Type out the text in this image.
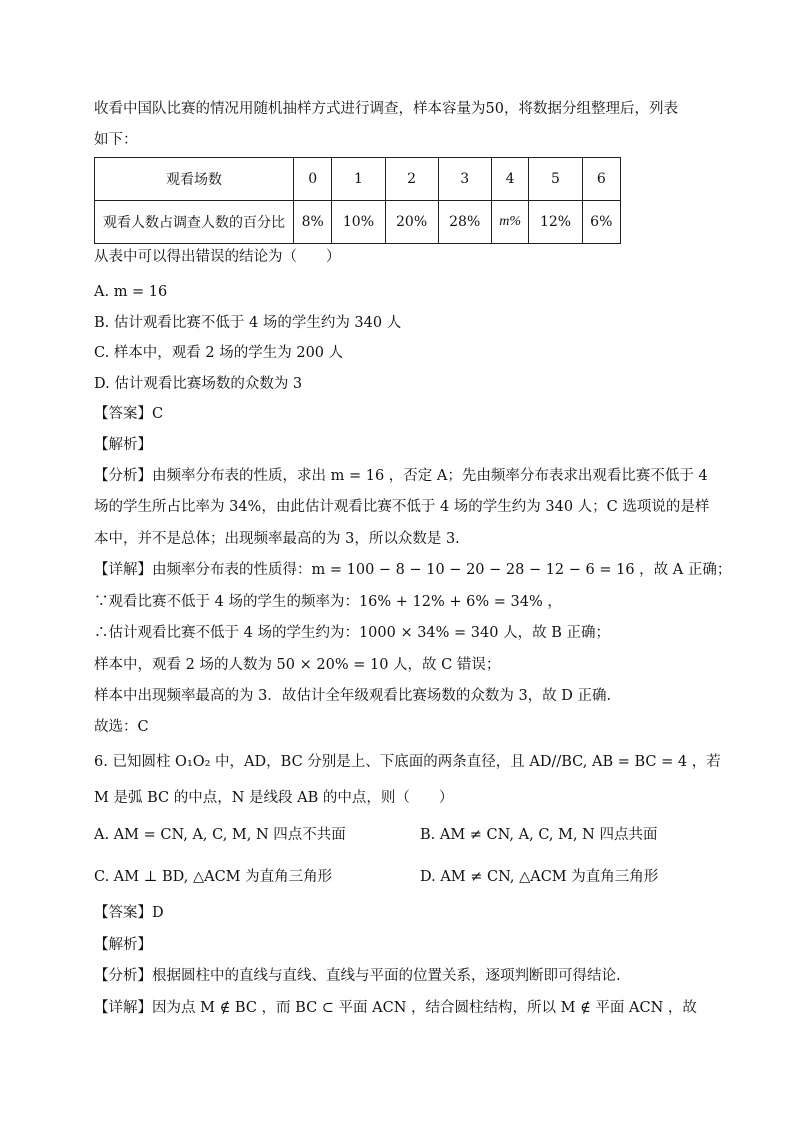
收看中国队比赛的情况用随机抽样方式进行调查，样本容量为50，将数据分组整理后，列表
如下：
观看场数	0	1	2	3	4	5	6
观看人数占调查人数的百分比	8%	10%	20%	28%	m%	12%	6%
从表中可以得出错误的结论为（　　）
A. m = 16
B. 估计观看比赛不低于 4 场的学生约为 340 人
C. 样本中，观看 2 场的学生为 200 人
D. 估计观看比赛场数的众数为 3
【答案】C
【解析】
【分析】由频率分布表的性质，求出 m = 16 ，否定 A；先由频率分布表求出观看比赛不低于 4
场的学生所占比率为 34%，由此估计观看比赛不低于 4 场的学生约为 340 人；C 选项说的是样
本中，并不是总体；出现频率最高的为 3，所以众数是 3.
【详解】由频率分布表的性质得：m = 100 − 8 − 10 − 20 − 28 − 12 − 6 = 16 ，故 A 正确；
∵观看比赛不低于 4 场的学生的频率为：16% + 12% + 6% = 34% ，
∴估计观看比赛不低于 4 场的学生约为：1000 × 34% = 340 人，故 B 正确；
样本中，观看 2 场的人数为 50 × 20% = 10 人，故 C 错误；
样本中出现频率最高的为 3．故估计全年级观看比赛场数的众数为 3，故 D 正确.
故选：C
6. 已知圆柱 O₁O₂ 中，AD，BC 分别是上、下底面的两条直径，且 AD//BC, AB = BC = 4 ，若
M 是弧 BC 的中点，N 是线段 AB 的中点，则（　　）
A. AM = CN, A, C, M, N 四点不共面	B. AM ≠ CN, A, C, M, N 四点共面
C. AM ⊥ BD, △ACM 为直角三角形	D. AM ≠ CN, △ACM 为直角三角形
【答案】D
【解析】
【分析】根据圆柱中的直线与直线、直线与平面的位置关系，逐项判断即可得结论.
【详解】因为点 M ∉ BC ，而 BC ⊂ 平面 ACN ，结合圆柱结构，所以 M ∉ 平面 ACN ，故
